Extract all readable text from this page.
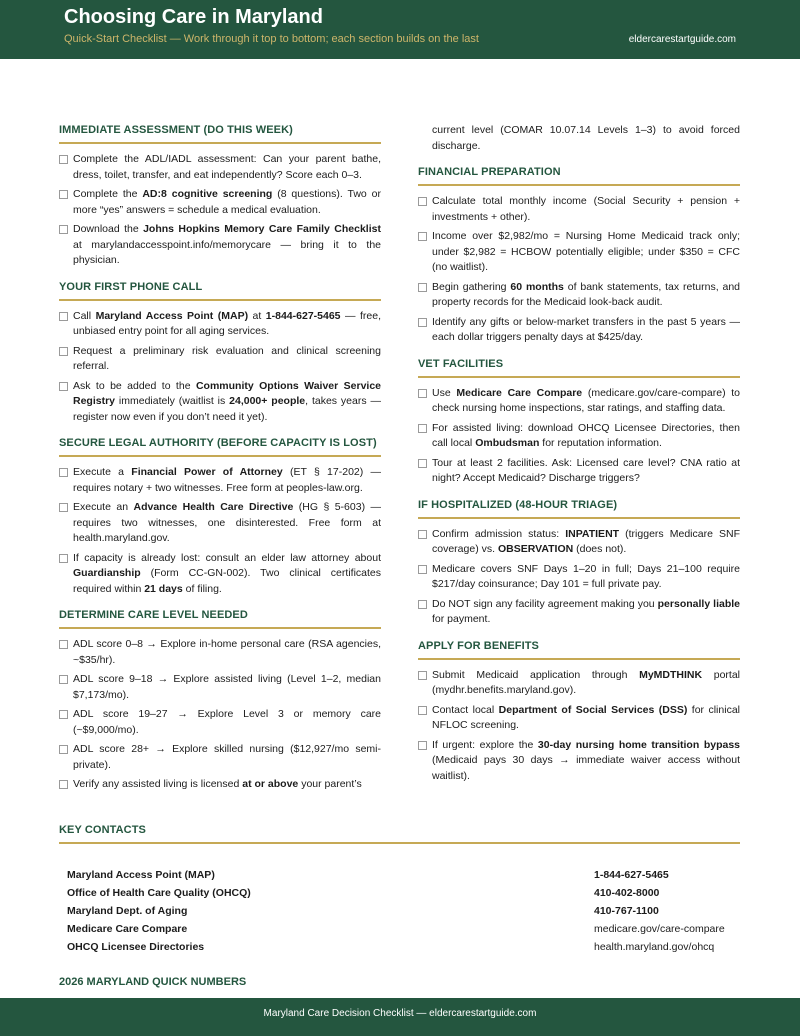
Choosing Care in Maryland
Quick-Start Checklist — Work through it top to bottom; each section builds on the last	eldercarestartguide.com
IMMEDIATE ASSESSMENT (DO THIS WEEK)
Complete the ADL/IADL assessment: Can your parent bathe, dress, toilet, transfer, and eat independently? Score each 0–3.
Complete the AD:8 cognitive screening (8 questions). Two or more “yes” answers = schedule a medical evaluation.
Download the Johns Hopkins Memory Care Family Checklist at marylandaccesspoint.info/memorycare — bring it to the physician.
YOUR FIRST PHONE CALL
Call Maryland Access Point (MAP) at 1-844-627-5465 — free, unbiased entry point for all aging services.
Request a preliminary risk evaluation and clinical screening referral.
Ask to be added to the Community Options Waiver Service Registry immediately (waitlist is 24,000+ people, takes years — register now even if you don’t need it yet).
SECURE LEGAL AUTHORITY (BEFORE CAPACITY IS LOST)
Execute a Financial Power of Attorney (ET § 17-202) — requires notary + two witnesses. Free form at peoples-law.org.
Execute an Advance Health Care Directive (HG § 5-603) — requires two witnesses, one disinterested. Free form at health.maryland.gov.
If capacity is already lost: consult an elder law attorney about Guardianship (Form CC-GN-002). Two clinical certificates required within 21 days of filing.
DETERMINE CARE LEVEL NEEDED
ADL score 0–8 → Explore in-home personal care (RSA agencies, ~$35/hr).
ADL score 9–18 → Explore assisted living (Level 1–2, median $7,173/mo).
ADL score 19–27 → Explore Level 3 or memory care (~$9,000/mo).
ADL score 28+ → Explore skilled nursing ($12,927/mo semi-private).
Verify any assisted living is licensed at or above your parent’s
current level (COMAR 10.07.14 Levels 1–3) to avoid forced discharge.
FINANCIAL PREPARATION
Calculate total monthly income (Social Security + pension + investments + other).
Income over $2,982/mo = Nursing Home Medicaid track only; under $2,982 = HCBOW potentially eligible; under $350 = CFC (no waitlist).
Begin gathering 60 months of bank statements, tax returns, and property records for the Medicaid look-back audit.
Identify any gifts or below-market transfers in the past 5 years — each dollar triggers penalty days at $425/day.
VET FACILITIES
Use Medicare Care Compare (medicare.gov/care-compare) to check nursing home inspections, star ratings, and staffing data.
For assisted living: download OHCQ Licensee Directories, then call local Ombudsman for reputation information.
Tour at least 2 facilities. Ask: Licensed care level? CNA ratio at night? Accept Medicaid? Discharge triggers?
IF HOSPITALIZED (48-HOUR TRIAGE)
Confirm admission status: INPATIENT (triggers Medicare SNF coverage) vs. OBSERVATION (does not).
Medicare covers SNF Days 1–20 in full; Days 21–100 require $217/day coinsurance; Day 101 = full private pay.
Do NOT sign any facility agreement making you personally liable for payment.
APPLY FOR BENEFITS
Submit Medicaid application through MyMDTHINK portal (mydhr.benefits.maryland.gov).
Contact local Department of Social Services (DSS) for clinical NFLOC screening.
If urgent: explore the 30-day nursing home transition bypass (Medicaid pays 30 days → immediate waiver access without waitlist).
KEY CONTACTS
Maryland Access Point (MAP)	1-844-627-5465
Office of Health Care Quality (OHCQ)	410-402-8000
Maryland Dept. of Aging	410-767-1100
Medicare Care Compare	medicare.gov/care-compare
OHCQ Licensee Directories	health.maryland.gov/ohcq
2026 MARYLAND QUICK NUMBERS
Maryland Care Decision Checklist — eldercarestartguide.com
